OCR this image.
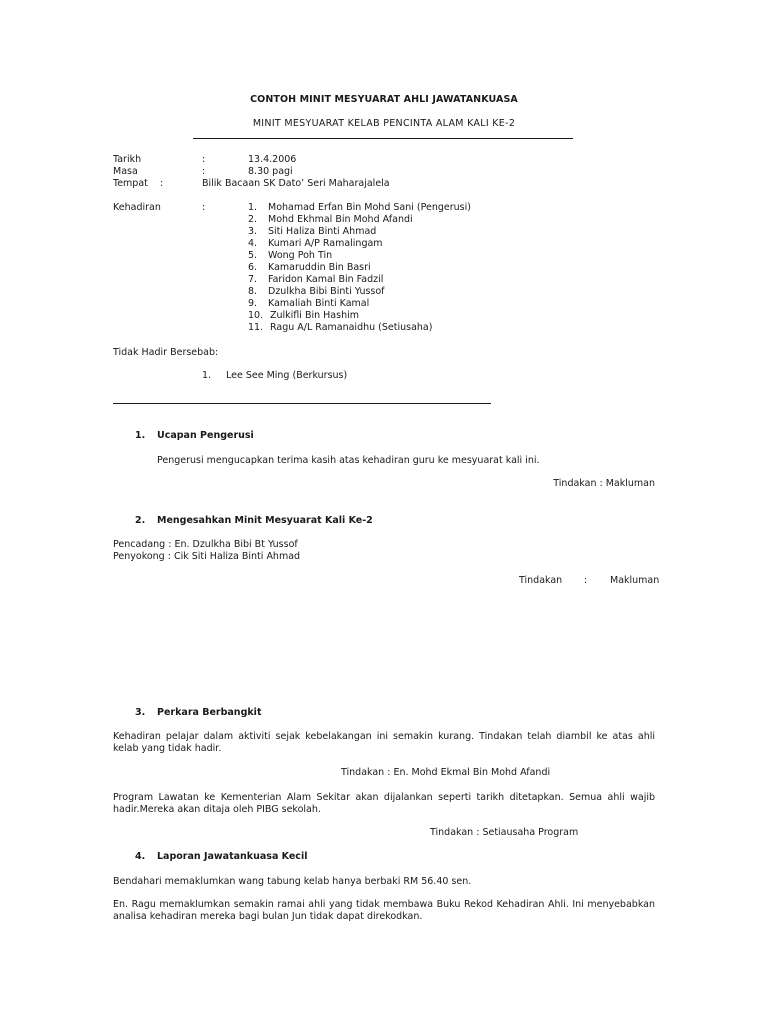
CONTOH MINIT MESYUARAT AHLI JAWATANKUASA
MINIT MESYUARAT KELAB PENCINTA ALAM KALI KE-2
Tarikh	:	13.4.2006
Masa	:	8.30 pagi
Tempat    :	Bilik Bacaan SK Dato’ Seri Maharajalela
Kehadiran	:	1. Mohamad Erfan Bin Mohd Sani (Pengerusi)
2. Mohd Ekhmal Bin Mohd Afandi
3. Siti Haliza Binti Ahmad
4. Kumari A/P Ramalingam
5. Wong Poh Tin
6. Kamaruddin Bin Basri
7. Faridon Kamal Bin Fadzil
8. Dzulkha Bibi Binti Yussof
9. Kamaliah Binti Kamal
10. Zulkifli Bin Hashim
11. Ragu A/L Ramanaidhu (Setiusaha)
Tidak Hadir Bersebab:
1. Lee See Ming (Berkursus)
1. Ucapan Pengerusi
Pengerusi mengucapkan terima kasih atas kehadiran guru ke mesyuarat kali ini.
Tindakan : Makluman
2. Mengesahkan Minit Mesyuarat Kali Ke-2
Pencadang : En. Dzulkha Bibi Bt Yussof
Penyokong : Cik Siti Haliza Binti Ahmad
Tindakan : Makluman
3. Perkara Berbangkit
Kehadiran pelajar dalam aktiviti sejak kebelakangan ini semakin kurang. Tindakan telah diambil ke atas ahli kelab yang tidak hadir.
Tindakan : En. Mohd Ekmal Bin Mohd Afandi
Program Lawatan ke Kementerian Alam Sekitar akan dijalankan seperti tarikh ditetapkan. Semua ahli wajib hadir.Mereka akan ditaja oleh PIBG sekolah.
Tindakan : Setiausaha Program
4. Laporan Jawatankuasa Kecil
Bendahari memaklumkan wang tabung kelab hanya berbaki RM 56.40 sen.
En. Ragu memaklumkan semakin ramai ahli yang tidak membawa Buku Rekod Kehadiran Ahli. Ini menyebabkan analisa kehadiran mereka bagi bulan Jun tidak dapat direkodkan.
